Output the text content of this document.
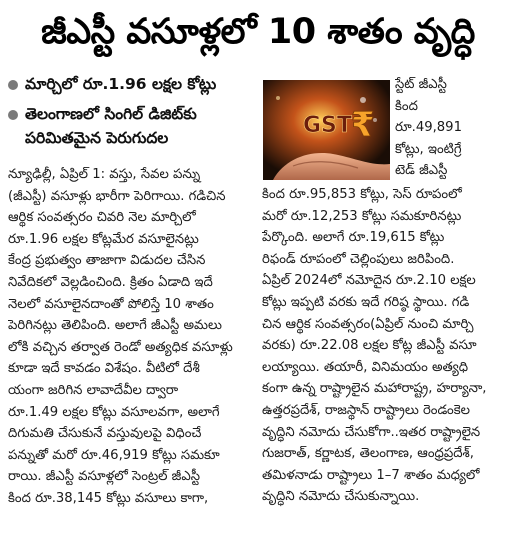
జీఎస్టీ వసూళ్లలో 10 శాతం వృద్ధి
మార్చిలో రూ.1.96 లక్షల కోట్లు
తెలంగాణలో సింగిల్ డిజిట్‌కు
పరిమితమైన పెరుగుదల	GST ₹
న్యూఢిల్లీ, ఏప్రిల్ 1: వస్తు, సేవల పన్ను
(జీఎస్టీ) వసూళ్లు భారీగా పెరిగాయి. గడిచిన
ఆర్థిక సంవత్సరం చివరి నెల మార్చిలో
రూ.1.96 లక్షల కోట్లమేర వసూలైనట్లు
కేంద్ర ప్రభుత్వం తాజాగా విడుదల చేసిన
నివేదికలో వెల్లడించింది. క్రితం ఏడాది ఇదే
నెలలో వసూలైనదాంతో పోలిస్తే 10 శాతం
పెరిగినట్లు తెలిపింది. అలాగే జీఎస్టీ అమలు
లోకి వచ్చిన తర్వాత రెండో అత్యధిక వసూళ్లు
కూడా ఇదే కావడం విశేషం. వీటిలో దేశీ
యంగా జరిగిన లావాదేవీల ద్వారా
రూ.1.49 లక్షల కోట్లు వసూలవగా, అలాగే
దిగుమతి చేసుకునే వస్తువులపై విధించే
పన్నుతో మరో రూ.46,919 కోట్లు సమకూ
రాయి. జీఎస్టీ వసూళ్లలో సెంట్రల్ జీఎస్టీ
కింద రూ.38,145 కోట్లు వసూలు కాగా,
స్టేట్ జీఎస్టీ
కింద
రూ.49,891
కోట్లు, ఇంటిగ్రే
టెడ్ జీఎస్టీ
కింద రూ.95,853 కోట్లు, సెస్ రూపంలో
మరో రూ.12,253 కోట్లు సమకూరినట్లు
పేర్కొంది. అలాగే రూ.19,615 కోట్లు
రిఫండ్ రూపంలో చెల్లింపులు జరిపింది.
ఏప్రిల్ 2024లో నమోదైన రూ.2.10 లక్షల
కోట్లు ఇప్పటి వరకు ఇదే గరిష్ఠ స్థాయి. గడి
చిన ఆర్థిక సంవత్సరం(ఏప్రిల్ నుంచి మార్చి
వరకు) రూ.22.08 లక్షల కోట్ల జీఎస్టీ వసూ
లయ్యాయి. తయారీ, వినిమయం అత్యధి
కంగా ఉన్న రాష్ట్రాలైన మహారాష్ట్ర, హర్యానా,
ఉత్తరప్రదేశ్, రాజస్థాన్ రాష్ట్రాలు రెండంకెల
వృద్ధిని నమోదు చేసుకోగా..ఇతర రాష్ట్రాలైన
గుజరాత్, కర్ణాటక, తెలంగాణ, ఆంధ్రప్రదేశ్,
తమిళనాడు రాష్ట్రాలు 1–7 శాతం మధ్యలో
వృద్ధిని నమోదు చేసుకున్నాయి.
